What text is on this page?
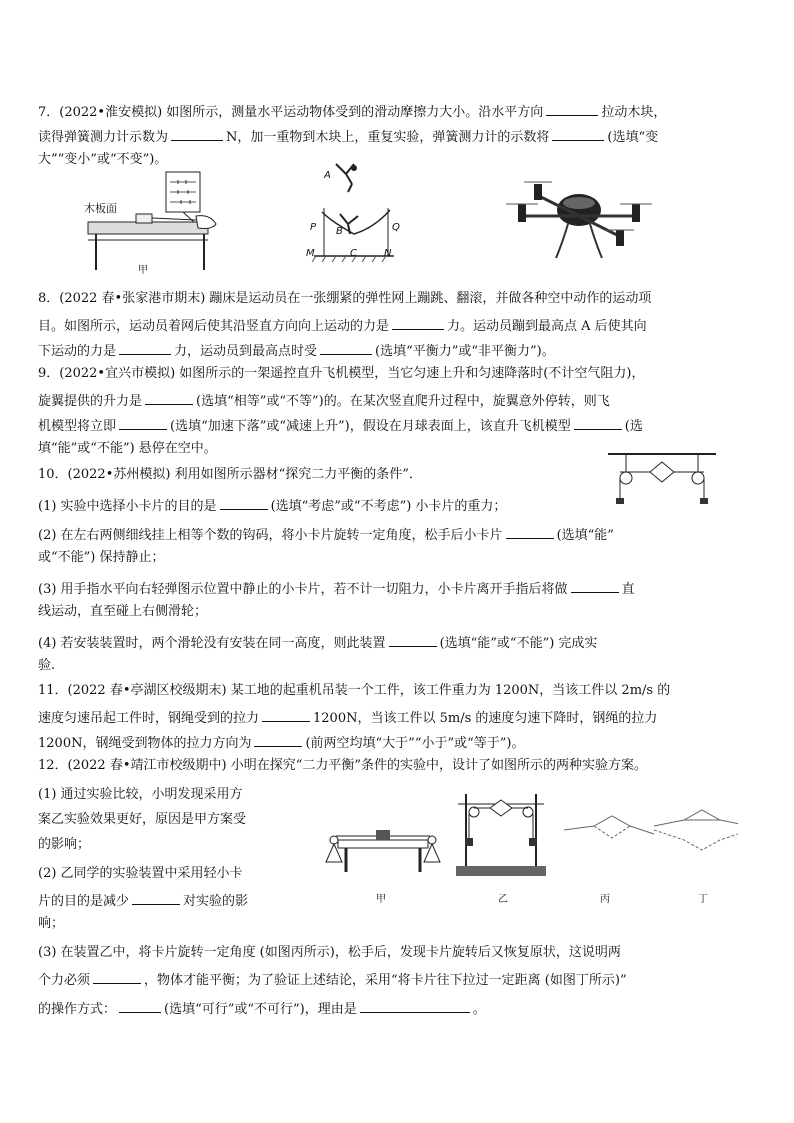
7．(2022•淮安模拟) 如图所示，测量水平运动物体受到的滑动摩擦力大小。沿水平方向	拉动木块，
读得弹簧测力计示数为	N，加一重物到木块上，重复实验，弹簧测力计的示数将	(选填“变
大”“变小”或“不变”)。
木板面
甲
A
P B	Q
M	C	N
8．(2022 春•张家港市期末) 蹦床是运动员在一张绷紧的弹性网上蹦跳、翻滚，并做各种空中动作的运动项
目。如图所示，运动员着网后使其沿竖直方向向上运动的力是	力。运动员蹦到最高点 A 后使其向
下运动的力是	力，运动员到最高点时受	(选填“平衡力”或“非平衡力”)。
9．(2022•宜兴市模拟) 如图所示的一架遥控直升飞机模型，当它匀速上升和匀速降落时(不计空气阻力)，
旋翼提供的升力是	(选填“相等”或“不等”)的。在某次竖直爬升过程中，旋翼意外停转，则飞
机模型将立即	(选填“加速下落”或“减速上升”)，假设在月球表面上，该直升飞机模型	(选
填“能”或“不能”) 悬停在空中。
10．(2022•苏州模拟) 利用如图所示器材“探究二力平衡的条件”．
(1) 实验中选择小卡片的目的是	(选填“考虑”或“不考虑”) 小卡片的重力；
(2) 在左右两侧细线挂上相等个数的钩码，将小卡片旋转一定角度，松手后小卡片	(选填“能”
或“不能”) 保持静止；
(3) 用手指水平向右轻弹图示位置中静止的小卡片，若不计一切阻力，小卡片离开手指后将做	直
线运动，直至碰上右侧滑轮；
(4) 若安装装置时，两个滑轮没有安装在同一高度，则此装置	(选填“能”或“不能”) 完成实
验.
11．(2022 春•亭湖区校级期末) 某工地的起重机吊装一个工件，该工件重力为 1200N，当该工件以 2m/s 的
速度匀速吊起工件时，钢绳受到的拉力	1200N，当该工件以 5m/s 的速度匀速下降时，钢绳的拉力
1200N，钢绳受到物体的拉力方向为	(前两空均填“大于”“小于”或“等于”)。
12．(2022 春•靖江市校级期中) 小明在探究“二力平衡”条件的实验中，设计了如图所示的两种实验方案。
(1) 通过实验比较，小明发现采用方
案乙实验效果更好，原因是甲方案受
的影响；
(2) 乙同学的实验装置中采用轻小卡
片的目的是减少	对实验的影
响；
(3) 在装置乙中，将卡片旋转一定角度 (如图丙所示)，松手后，发现卡片旋转后又恢复原状，这说明两
个力必须	，物体才能平衡；为了验证上述结论，采用“将卡片往下拉过一定距离 (如图丁所示)”
的操作方式：	(选填“可行”或“不可行”)，理由是	。
甲	乙	丙	丁
